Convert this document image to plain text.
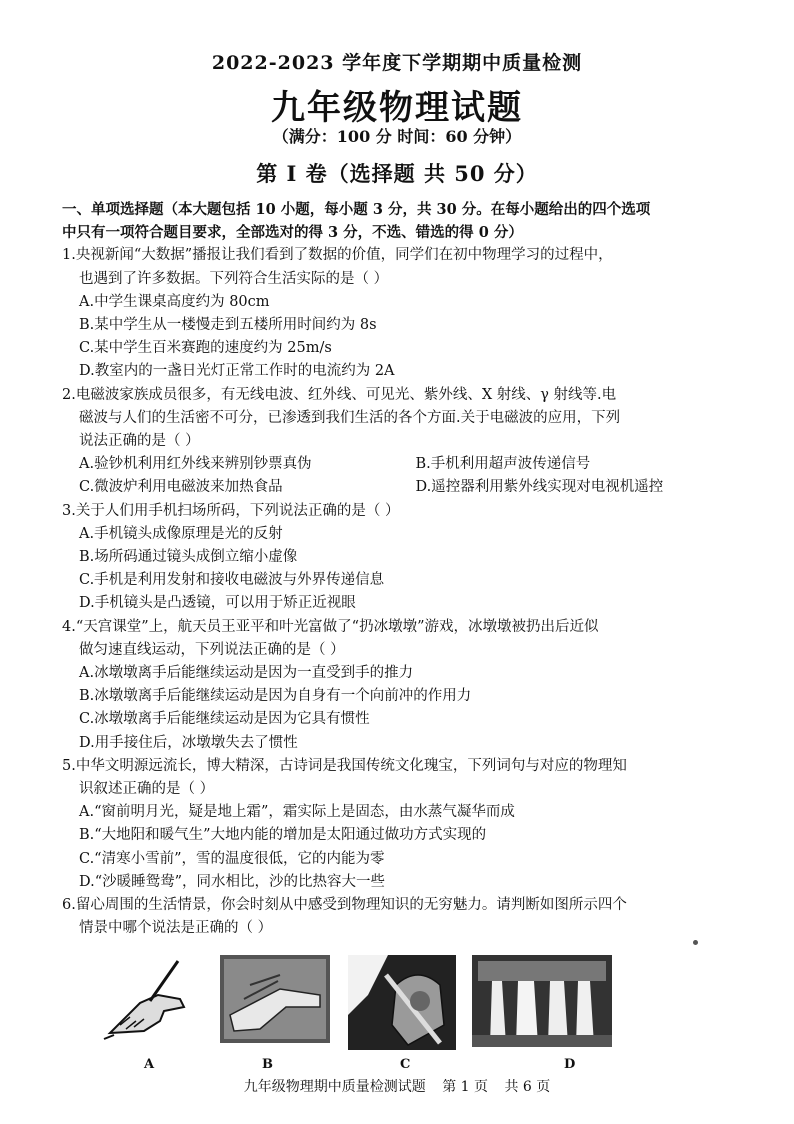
2022-2023 学年度下学期期中质量检测
九年级物理试题
（满分：100 分 时间：60 分钟）
第 I 卷（选择题 共 50 分）
一、单项选择题（本大题包括 10 小题，每小题 3 分，共 30 分。在每小题给出的四个选项
中只有一项符合题目要求，全部选对的得 3 分，不选、错选的得 0 分）
1.央视新闻“大数据”播报让我们看到了数据的价值，同学们在初中物理学习的过程中，
也遇到了许多数据。下列符合生活实际的是（ ）
A.中学生课桌高度约为 80cm
B.某中学生从一楼慢走到五楼所用时间约为 8s
C.某中学生百米赛跑的速度约为 25m/s
D.教室内的一盏日光灯正常工作时的电流约为 2A
2.电磁波家族成员很多，有无线电波、红外线、可见光、紫外线、X 射线、γ 射线等.电
磁波与人们的生活密不可分，已渗透到我们生活的各个方面.关于电磁波的应用，下列
说法正确的是（ ）
A.验钞机利用红外线来辨别钞票真伪	B.手机利用超声波传递信号
C.微波炉利用电磁波来加热食品	D.遥控器利用紫外线实现对电视机遥控
3.关于人们用手机扫场所码，下列说法正确的是（ ）
A.手机镜头成像原理是光的反射
B.场所码通过镜头成倒立缩小虚像
C.手机是利用发射和接收电磁波与外界传递信息
D.手机镜头是凸透镜，可以用于矫正近视眼
4.“天宫课堂”上，航天员王亚平和叶光富做了“扔冰墩墩”游戏，冰墩墩被扔出后近似
做匀速直线运动，下列说法正确的是（ ）
A.冰墩墩离手后能继续运动是因为一直受到手的推力
B.冰墩墩离手后能继续运动是因为自身有一个向前冲的作用力
C.冰墩墩离手后能继续运动是因为它具有惯性
D.用手接住后，冰墩墩失去了惯性
5.中华文明源远流长，博大精深，古诗词是我国传统文化瑰宝，下列词句与对应的物理知
识叙述正确的是（ ）
A.“窗前明月光，疑是地上霜”，霜实际上是固态，由水蒸气凝华而成
B.“大地阳和暖气生”大地内能的增加是太阳通过做功方式实现的
C.“清寒小雪前”，雪的温度很低，它的内能为零
D.“沙暖睡鸳鸯”，同水相比，沙的比热容大一些
6.留心周围的生活情景，你会时刻从中感受到物理知识的无穷魅力。请判断如图所示四个
情景中哪个说法是正确的（ ）
A	B	C	D
九年级物理期中质量检测试题 第 1 页 共 6 页
